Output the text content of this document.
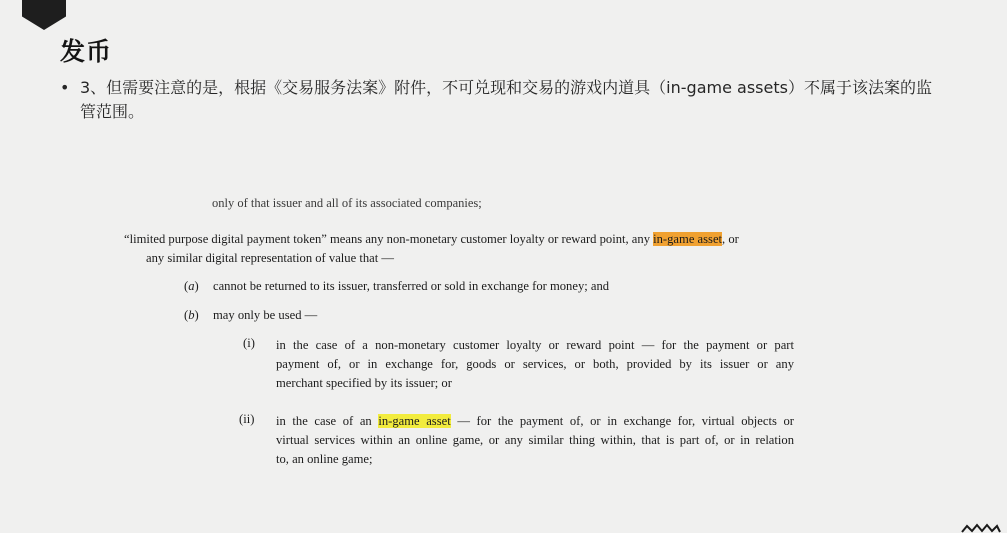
发币
• 3、但需要注意的是，根据《交易服务法案》附件，不可兑现和交易的游戏内道具（in-game assets）不属于该法案的监管范围。
only of that issuer and all of its associated companies;
“limited purpose digital payment token” means any non-monetary customer loyalty or reward point, any in-game asset, or
any similar digital representation of value that —
(a) cannot be returned to its issuer, transferred or sold in exchange for money; and
(b) may only be used —
(i) in the case of a non-monetary customer loyalty or reward point — for the payment or part
payment of, or in exchange for, goods or services, or both, provided by its issuer or any
merchant specified by its issuer; or
(ii) in the case of an in-game asset — for the payment of, or in exchange for, virtual objects or
virtual services within an online game, or any similar thing within, that is part of, or in relation
to, an online game;
